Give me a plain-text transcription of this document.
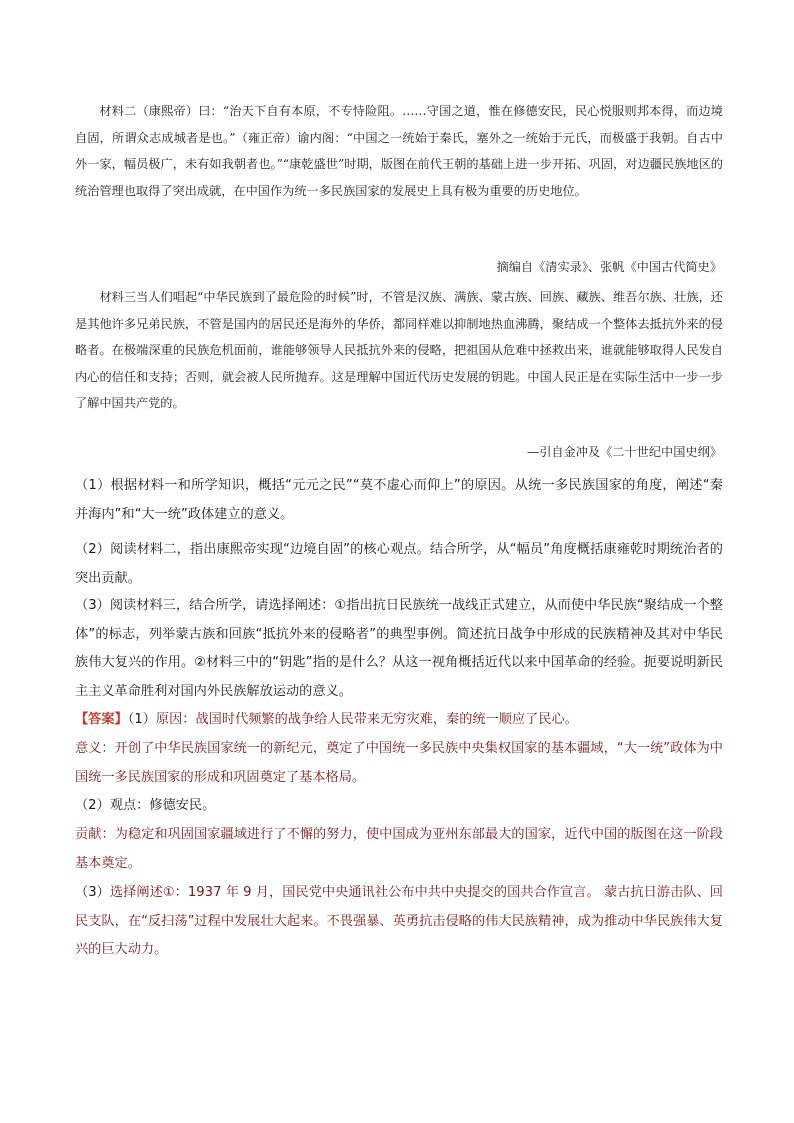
材料二（康熙帝）曰：“治天下自有本原，不专恃险阻。……守国之道，惟在修德安民，民心悦服则邦本得，而边境自固，所谓众志成城者是也。”（雍正帝）谕内阁：“中国之一统始于秦氏，塞外之一统始于元氏，而极盛于我朝。自古中外一家，幅员极广，未有如我朝者也。”“康乾盛世”时期，版图在前代王朝的基础上进一步开拓、巩固，对边疆民族地区的统治管理也取得了突出成就，在中国作为统一多民族国家的发展史上具有极为重要的历史地位。
摘编自《清实录》、张帆《中国古代简史》
材料三当人们唱起“中华民族到了最危险的时候”时，不管是汉族、满族、蒙古族、回族、藏族、维吾尔族、壮族，还是其他许多兄弟民族，不管是国内的居民还是海外的华侨，都同样难以抑制地热血沸腾，聚结成一个整体去抵抗外来的侵略者。在极端深重的民族危机面前，谁能够领导人民抵抗外来的侵略，把祖国从危难中拯救出来，谁就能够取得人民发自内心的信任和支持；否则，就会被人民所抛弃。这是理解中国近代历史发展的钥匙。中国人民正是在实际生活中一步一步了解中国共产党的。
—引自金冲及《二十世纪中国史纲》
（1）根据材料一和所学知识，概括“元元之民”“莫不虚心而仰上”的原因。从统一多民族国家的角度，阐述“秦并海内”和“大一统”政体建立的意义。
（2）阅读材料二，指出康熙帝实现“边境自固”的核心观点。结合所学，从“幅员”角度概括康雍乾时期统治者的突出贡献。
（3）阅读材料三，结合所学，请选择阐述：①指出抗日民族统一战线正式建立，从而使中华民族“聚结成一个整体”的标志，列举蒙古族和回族“抵抗外来的侵略者”的典型事例。简述抗日战争中形成的民族精神及其对中华民族伟大复兴的作用。②材料三中的“钥匙”指的是什么？从这一视角概括近代以来中国革命的经验。扼要说明新民主主义革命胜利对国内外民族解放运动的意义。
【答案】（1）原因：战国时代频繁的战争给人民带来无穷灾难，秦的统一顺应了民心。
意义：开创了中华民族国家统一的新纪元，奠定了中国统一多民族中央集权国家的基本疆域，“大一统”政体为中国统一多民族国家的形成和巩固奠定了基本格局。
（2）观点：修德安民。
贡献：为稳定和巩固国家疆域进行了不懈的努力，使中国成为亚州东部最大的国家，近代中国的版图在这一阶段基本奠定。
（3）选择阐述①：1937 年 9 月，国民党中央通讯社公布中共中央提交的国共合作宣言。 蒙古抗日游击队、回民支队，在“反扫荡”过程中发展壮大起来。不畏强暴、英勇抗击侵略的伟大民族精神，成为推动中华民族伟大复兴的巨大动力。
